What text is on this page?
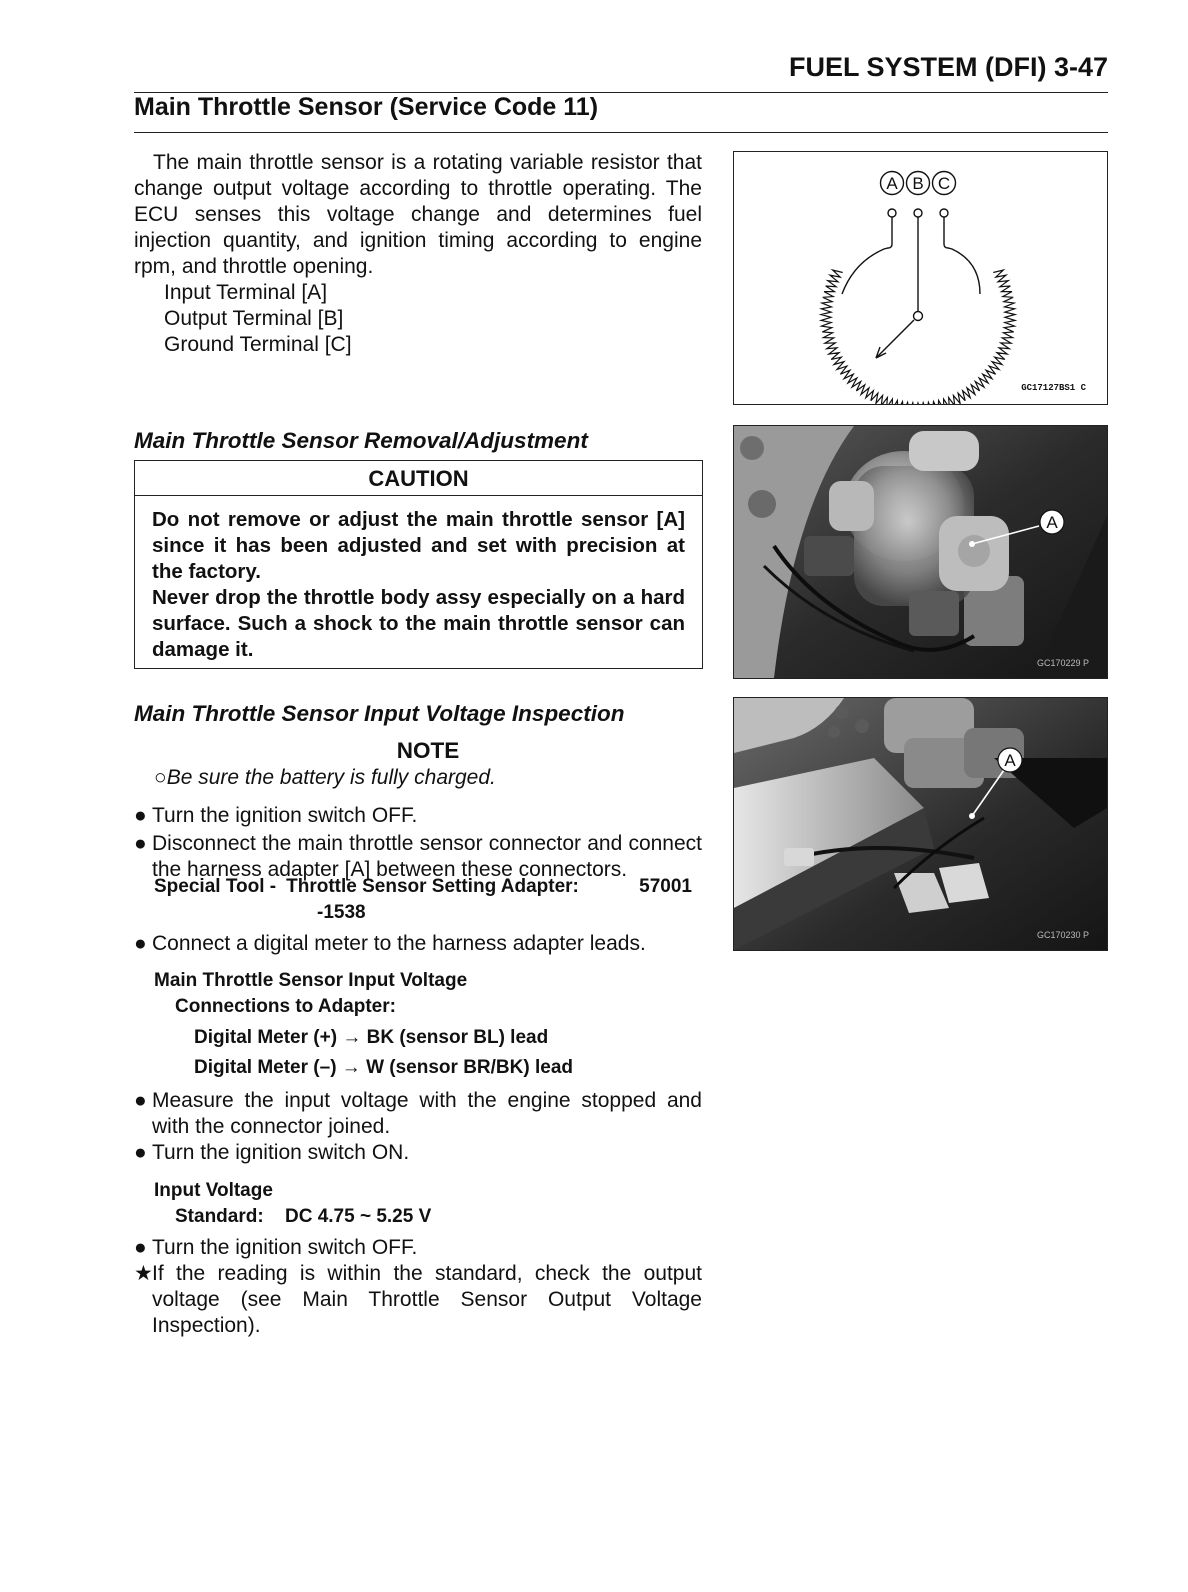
FUEL SYSTEM (DFI) 3-47
Main Throttle Sensor (Service Code 11)

The main throttle sensor is a rotating variable resistor that change output voltage according to throttle operating. The ECU senses this voltage change and determines fuel injection quantity, and ignition timing according to engine rpm, and throttle opening.

Input Terminal [A]
Output Terminal [B]
Ground Terminal [C]
Main Throttle Sensor Removal/Adjustment
CAUTION
Do not remove or adjust the main throttle sensor [A] since it has been adjusted and set with precision at the factory.
Never drop the throttle body assy especially on a hard surface. Such a shock to the main throttle sensor can damage it.
Main Throttle Sensor Input Voltage Inspection
NOTE
○Be sure the battery is fully charged.
● Turn the ignition switch OFF.
● Disconnect the main throttle sensor connector and connect the harness adapter [A] between these connectors.
Special Tool - Throttle Sensor Setting Adapter:	57001
-1538
● Connect a digital meter to the harness adapter leads.
Main Throttle Sensor Input Voltage
Connections to Adapter:
Digital Meter (+) → BK (sensor BL) lead
Digital Meter (–) → W (sensor BR/BK) lead
● Measure the input voltage with the engine stopped and with the connector joined.
● Turn the ignition switch ON.
Input Voltage
Standard: DC 4.75 ~ 5.25 V
● Turn the ignition switch OFF.
★ If the reading is within the standard, check the output voltage (see Main Throttle Sensor Output Voltage Inspection).
A B C
GC17127BS1 C
A
GC170229 P
A
GC170230 P
